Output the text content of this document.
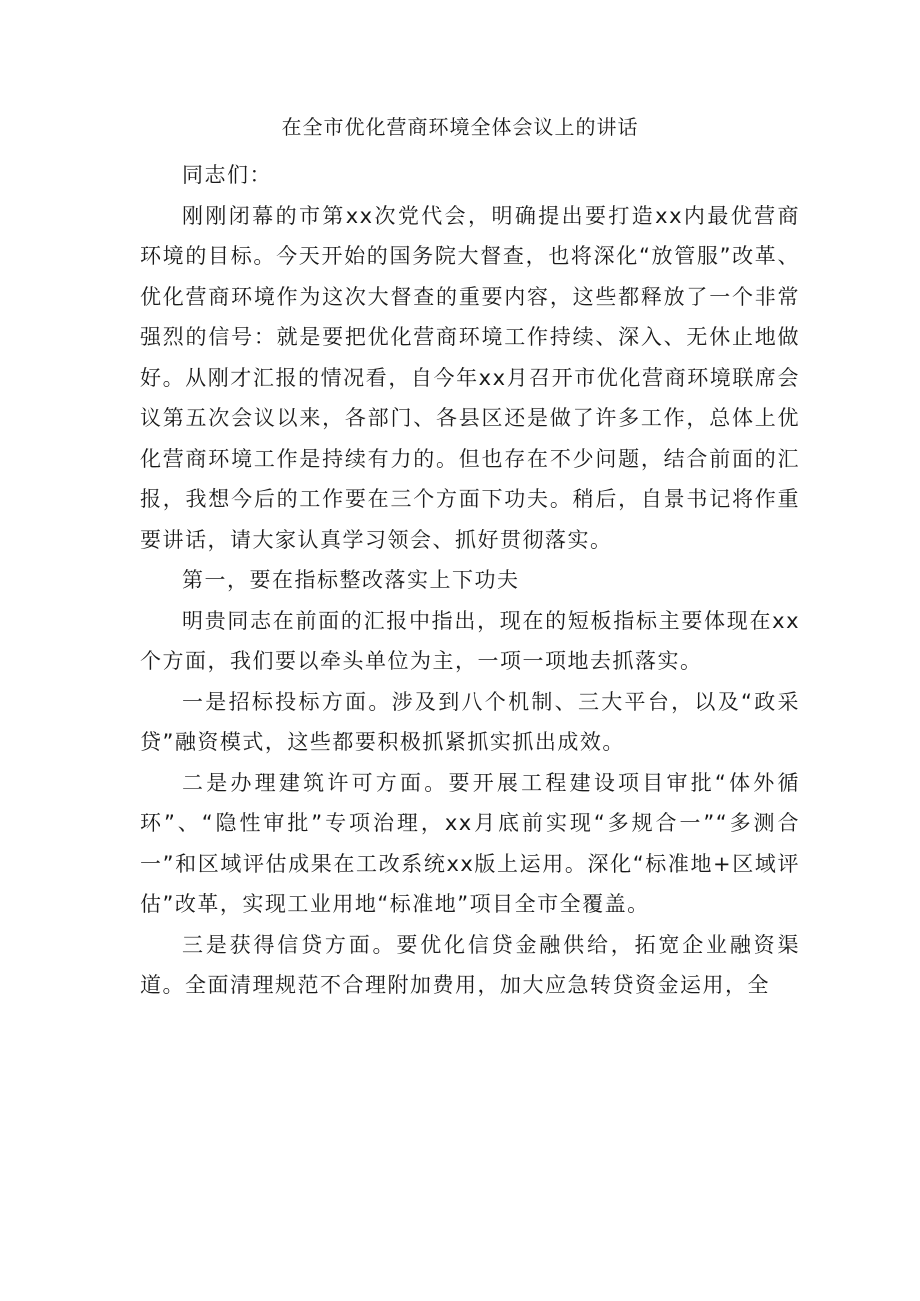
在全市优化营商环境全体会议上的讲话

同志们：

刚刚闭幕的市第xx次党代会，明确提出要打造xx内最优营商环境的目标。今天开始的国务院大督查，也将深化“放管服”改革、优化营商环境作为这次大督查的重要内容，这些都释放了一个非常强烈的信号：就是要把优化营商环境工作持续、深入、无休止地做好。从刚才汇报的情况看，自今年xx月召开市优化营商环境联席会议第五次会议以来，各部门、各县区还是做了许多工作，总体上优化营商环境工作是持续有力的。但也存在不少问题，结合前面的汇报，我想今后的工作要在三个方面下功夫。稍后，自景书记将作重要讲话，请大家认真学习领会、抓好贯彻落实。

第一，要在指标整改落实上下功夫

明贵同志在前面的汇报中指出，现在的短板指标主要体现在xx个方面，我们要以牵头单位为主，一项一项地去抓落实。

一是招标投标方面。涉及到八个机制、三大平台，以及“政采贷”融资模式，这些都要积极抓紧抓实抓出成效。

二是办理建筑许可方面。要开展工程建设项目审批“体外循环”、“隐性审批”专项治理，xx月底前实现“多规合一”“多测合一”和区域评估成果在工改系统xx版上运用。深化“标准地+区域评估”改革，实现工业用地“标准地”项目全市全覆盖。

三是获得信贷方面。要优化信贷金融供给，拓宽企业融资渠道。全面清理规范不合理附加费用，加大应急转贷资金运用，全
